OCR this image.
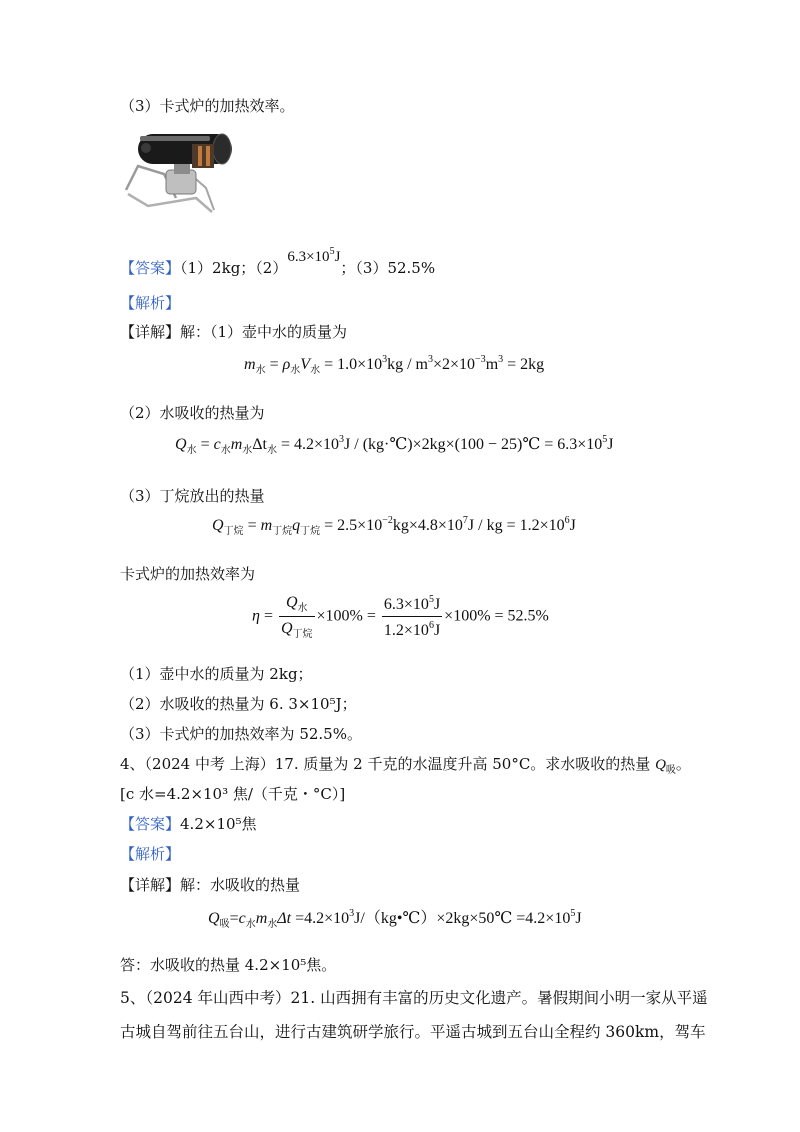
（3）卡式炉的加热效率。
【答案】（1）2kg；$(2)6.3\times 10^5J$；（3）52.5%
【解析】
【详解】解：（1）壶中水的质量为
$m_水 = \rho_水V_水 = 1.0\times 10^3kg / m^3\times 2\times 10^{-3}m^3 = 2kg$
（2）水吸收的热量为
$Q_水 = c_水m_水\Delta t_水 = 4.2\times 10^3J$ / (kg·℃)×2kg×(100 − 25)℃ = $6.3\times 10^5J$
（3）丁烷放出的热量
$Q_{丁烷} = m_{丁烷}q_{丁烷} = 2.5\times 10^{-2}kg\times 4.8\times 10^7J$ / kg = $1.2\times 10^6J$
卡式炉的加热效率为
$\eta = \frac{Q_水}{Q_{丁烷}} \times 100\% = \frac{6.3\times 10^5J}{1.2\times 10^6J} \times 100\% = 52.5\%$
（1）壶中水的质量为 2kg；
（2）水吸收的热量为 6. 3×10⁵J；
（3）卡式炉的加热效率为 52.5%。
4、（2024 中考 上海）17. 质量为 2 千克的水温度升高 50°C。求水吸收的热量 $Q_吸$。
[c 水=4.2×10³ 焦/（千克・°C）]
【答案】4.2×10⁵焦
【解析】
【详解】解：水吸收的热量
$Q_吸=c_水m_水\Delta t$ $=4.2\times 10^3J/(kg•℃)\times 2kg\times 50℃ =4.2\times 10^5J$
答：水吸收的热量 4.2×10⁵焦。
5、（2024 年山西中考）21. 山西拥有丰富的历史文化遗产。暑假期间小明一家从平遥
古城自驾前往五台山，进行古建筑研学旅行。平遥古城到五台山全程约 360km，驾车
